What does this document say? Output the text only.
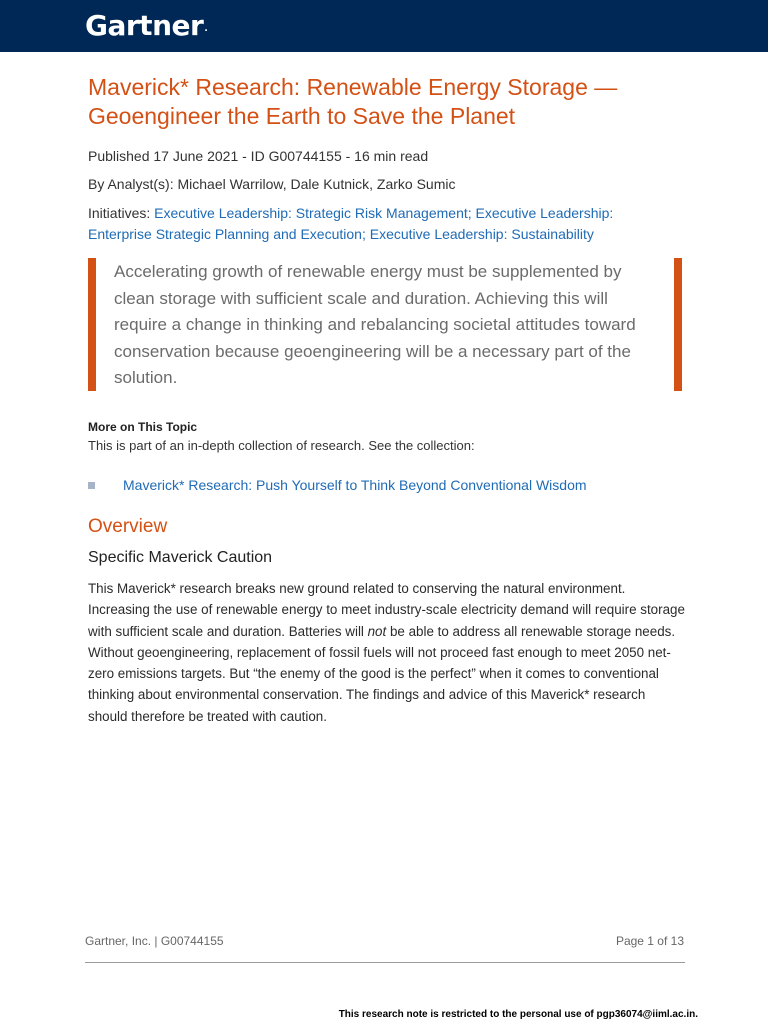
Gartner.
Maverick* Research: Renewable Energy Storage — Geoengineer the Earth to Save the Planet
Published 17 June 2021 - ID G00744155 - 16 min read
By Analyst(s): Michael Warrilow, Dale Kutnick, Zarko Sumic
Initiatives: Executive Leadership: Strategic Risk Management; Executive Leadership: Enterprise Strategic Planning and Execution; Executive Leadership: Sustainability
Accelerating growth of renewable energy must be supplemented by clean storage with sufficient scale and duration. Achieving this will require a change in thinking and rebalancing societal attitudes toward conservation because geoengineering will be a necessary part of the solution.
More on This Topic
This is part of an in-depth collection of research. See the collection:
Maverick* Research: Push Yourself to Think Beyond Conventional Wisdom
Overview
Specific Maverick Caution

This Maverick* research breaks new ground related to conserving the natural environment. Increasing the use of renewable energy to meet industry-scale electricity demand will require storage with sufficient scale and duration. Batteries will not be able to address all renewable storage needs. Without geoengineering, replacement of fossil fuels will not proceed fast enough to meet 2050 net-zero emissions targets. But “the enemy of the good is the perfect” when it comes to conventional thinking about environmental conservation. The findings and advice of this Maverick* research should therefore be treated with caution.

Gartner, Inc. | G00744155	Page 1 of 13
This research note is restricted to the personal use of pgp36074@iiml.ac.in.
